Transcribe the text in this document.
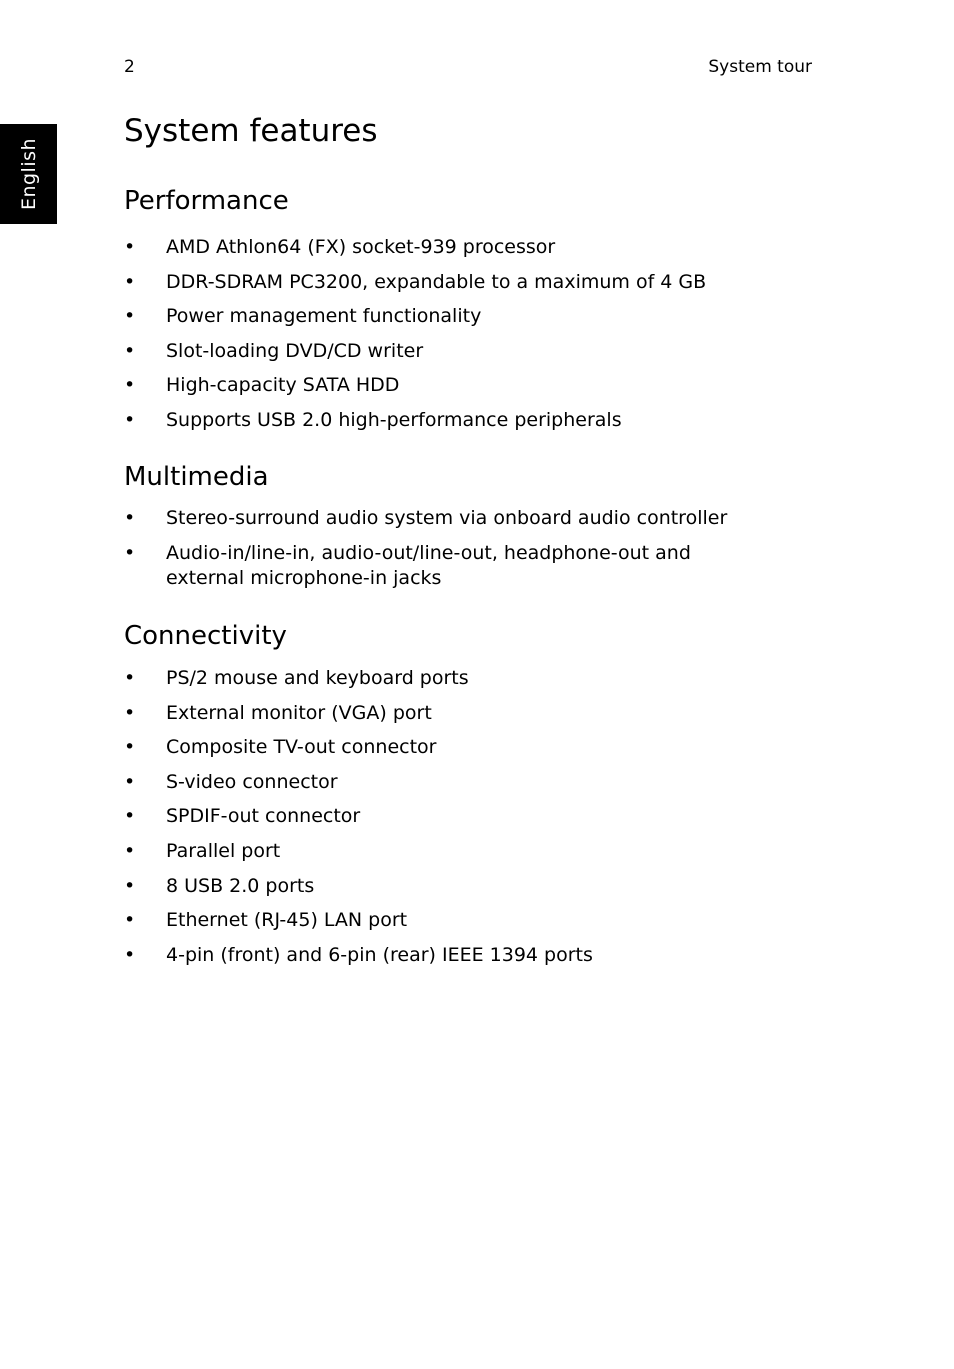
2	System tour
English
System features
Performance
• AMD Athlon64 (FX) socket-939 processor
• DDR-SDRAM PC3200, expandable to a maximum of 4 GB
• Power management functionality
• Slot-loading DVD/CD writer
• High-capacity SATA HDD
• Supports USB 2.0 high-performance peripherals
Multimedia
• Stereo-surround audio system via onboard audio controller
• Audio-in/line-in, audio-out/line-out, headphone-out and external microphone-in jacks
Connectivity
• PS/2 mouse and keyboard ports
• External monitor (VGA) port
• Composite TV-out connector
• S-video connector
• SPDIF-out connector
• Parallel port
• 8 USB 2.0 ports
• Ethernet (RJ-45) LAN port
• 4-pin (front) and 6-pin (rear) IEEE 1394 ports
